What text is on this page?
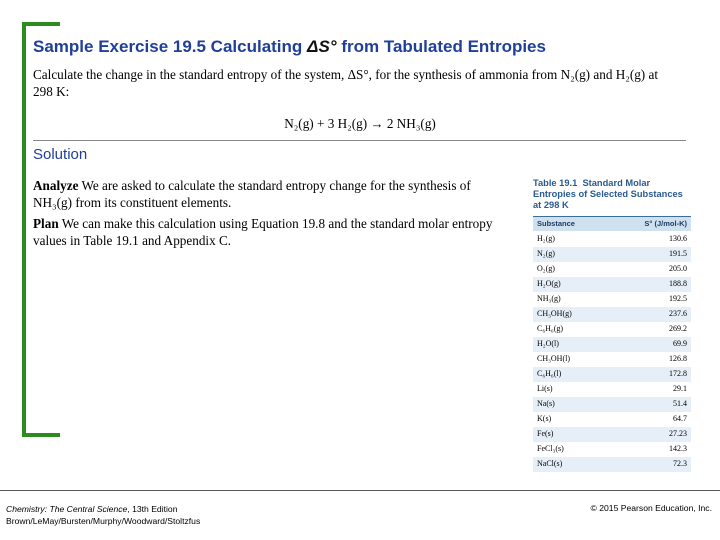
Sample Exercise 19.5 Calculating ΔS° from Tabulated Entropies
Calculate the change in the standard entropy of the system, ΔS°, for the synthesis of ammonia from N₂(g) and H₂(g) at 298 K:
N₂(g) + 3 H₂(g) → 2 NH₃(g)
Solution
Analyze We are asked to calculate the standard entropy change for the synthesis of NH₃(g) from its constituent elements.
Plan We can make this calculation using Equation 19.8 and the standard molar entropy values in Table 19.1 and Appendix C.
Table 19.1 Standard Molar Entropies of Selected Substances at 298 K
Substance	S° (J/mol-K)
H₂(g)	130.6
N₂(g)	191.5
O₂(g)	205.0
H₂O(g)	188.8
NH₃(g)	192.5
CH₃OH(g)	237.6
C₆H₆(g)	269.2
H₂O(l)	69.9
CH₃OH(l)	126.8
C₆H₆(l)	172.8
Li(s)	29.1
Na(s)	51.4
K(s)	64.7
Fe(s)	27.23
FeCl₃(s)	142.3
NaCl(s)	72.3
Chemistry: The Central Science, 13th Edition
Brown/LeMay/Bursten/Murphy/Woodward/Stoltzfus
© 2015 Pearson Education, Inc.
